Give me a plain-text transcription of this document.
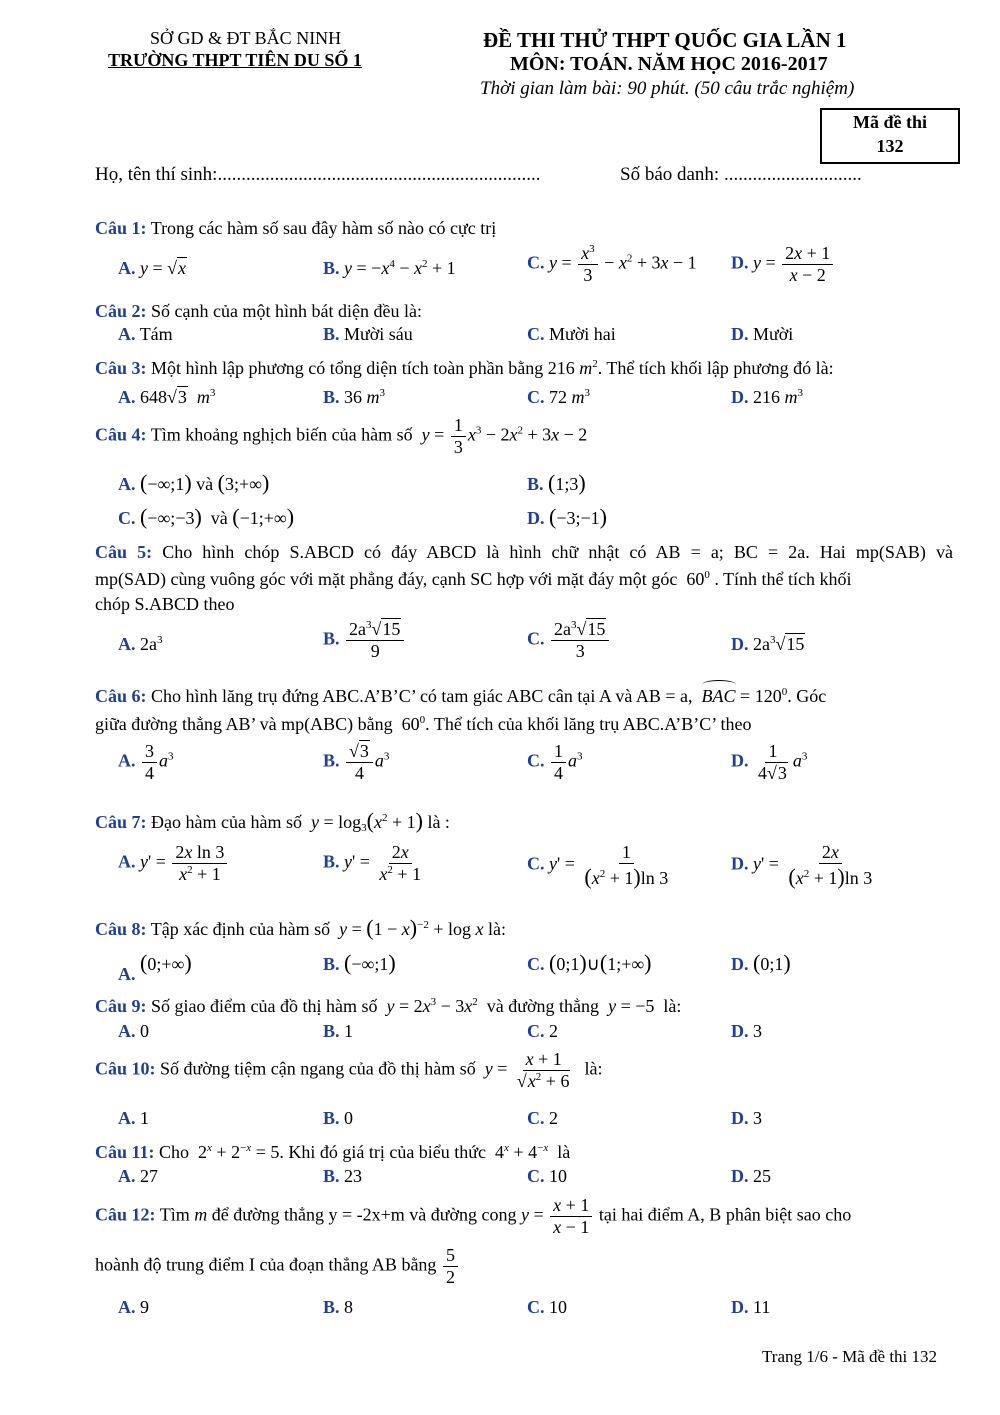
SỞ GD & ĐT BẮC NINH
TRƯỜNG THPT TIÊN DU SỐ 1
ĐỀ THI THỬ THPT QUỐC GIA LẦN 1
MÔN: TOÁN. NĂM HỌC 2016-2017
Thời gian làm bài: 90 phút. (50 câu trắc nghiệm)
Mã đề thi
132
Họ, tên thí sinh:....................................................................	Số báo danh: .............................
Câu 1: Trong các hàm số sau đây hàm số nào có cực trị
A. y = √x	B. $y = -x^4 - x^2 + 1$	C. $y = \frac{x^3}{3} - x^2 + 3x - 1$ D. $y = \frac{2x + 1}{x - 2}$
Câu 2: Số cạnh của một hình bát diện đều là:
A. Tám	B. Mười sáu	C. Mười hai	D. Mười
Câu 3: Một hình lập phương có tổng diện tích toàn phần bằng 216 $m^2$. Thể tích khối lập phương đó là:
A. 648√3 $m^3$	B. 36 $m^3$	C. 72 $m^3$	D. 216 $m^3$
Câu 4: Tìm khoảng nghịch biến của hàm số $y = \frac{1}{3} x^3 - 2x^2 + 3x - 2$
A. (−∞;1) và (3;+∞)	B. (1;3)
C. (−∞;−3)  và (−1;+∞)	D. (−3;−1)
Câu 5: Cho hình chóp S.ABCD có đáy ABCD là hình chữ nhật có AB = a; BC = 2a. Hai mp(SAB) và
mp(SAD) cùng vuông góc với mặt phẳng đáy, cạnh SC hợp với mặt đáy một góc  $60^0$ . Tính thể tích khối
chóp S.ABCD theo
A. $2a^3$	B. $\frac{2a^3√15}{9}$	C. $\frac{2a^3√15}{3}$	D. $2a^3√15$
Câu 6: Cho hình lăng trụ đứng ABC.A’B’C’ có tam giác ABC cân tại A và AB = a, BAC = $120^0$. Góc
giữa đường thẳng AB’ và mp(ABC) bằng  $60^0$. Thể tích của khối lăng trụ ABC.A’B’C’ theo
A. $\frac{3}{4} a^3$	B. $\frac{√3}{4} a^3$	C. $\frac{1}{4} a^3$	D. $\frac{1}{4√3} a^3$
Câu 7: Đạo hàm của hàm số $y = \log_3(x^2 + 1)$ là :
A. $y' = \frac{\text{2x ln 3}}{x^2 + 1}$	B. $y' = \frac{2x}{x^2 + 1}$	C. $y' = \frac{1}{(x^2 + 1)\ln 3}$	D. $y' = \frac{2x}{(x^2 + 1)\ln 3}$
Câu 8: Tập xác định của hàm số $y = (1 - x)^{-2} + \log x$ là:
A. (0;+∞)	B. (−∞;1)	C. (0;1)∪(1;+∞)	D. (0;1)
Câu 9: Số giao điểm của đồ thị hàm số $y = 2x^3 - 3x^2$ và đường thẳng y = −5  là:
A. 0	B. 1	C. 2	D. 3
Câu 10: Số đường tiệm cận ngang của đồ thị hàm số $y = \frac{x + 1}{√x^2 + 6}$ là:
A. 1	B. 0	C. 2	D. 3
Câu 11: Cho  $2^x + 2^{-x} = 5$. Khi đó giá trị của biểu thức  $4^x + 4^{-x}$ là
A. 27	B. 23	C. 10	D. 25
Câu 12: Tìm m để đường thẳng y = -2x+m và đường cong $y = \frac{x + 1}{x - 1}$ tại hai điểm A, B phân biệt sao cho
hoành độ trung điểm I của đoạn thẳng AB bằng $\frac{5}{2}$
A. 9	B. 8	C. 10	D. 11
Trang 1/6 - Mã đề thi 132
